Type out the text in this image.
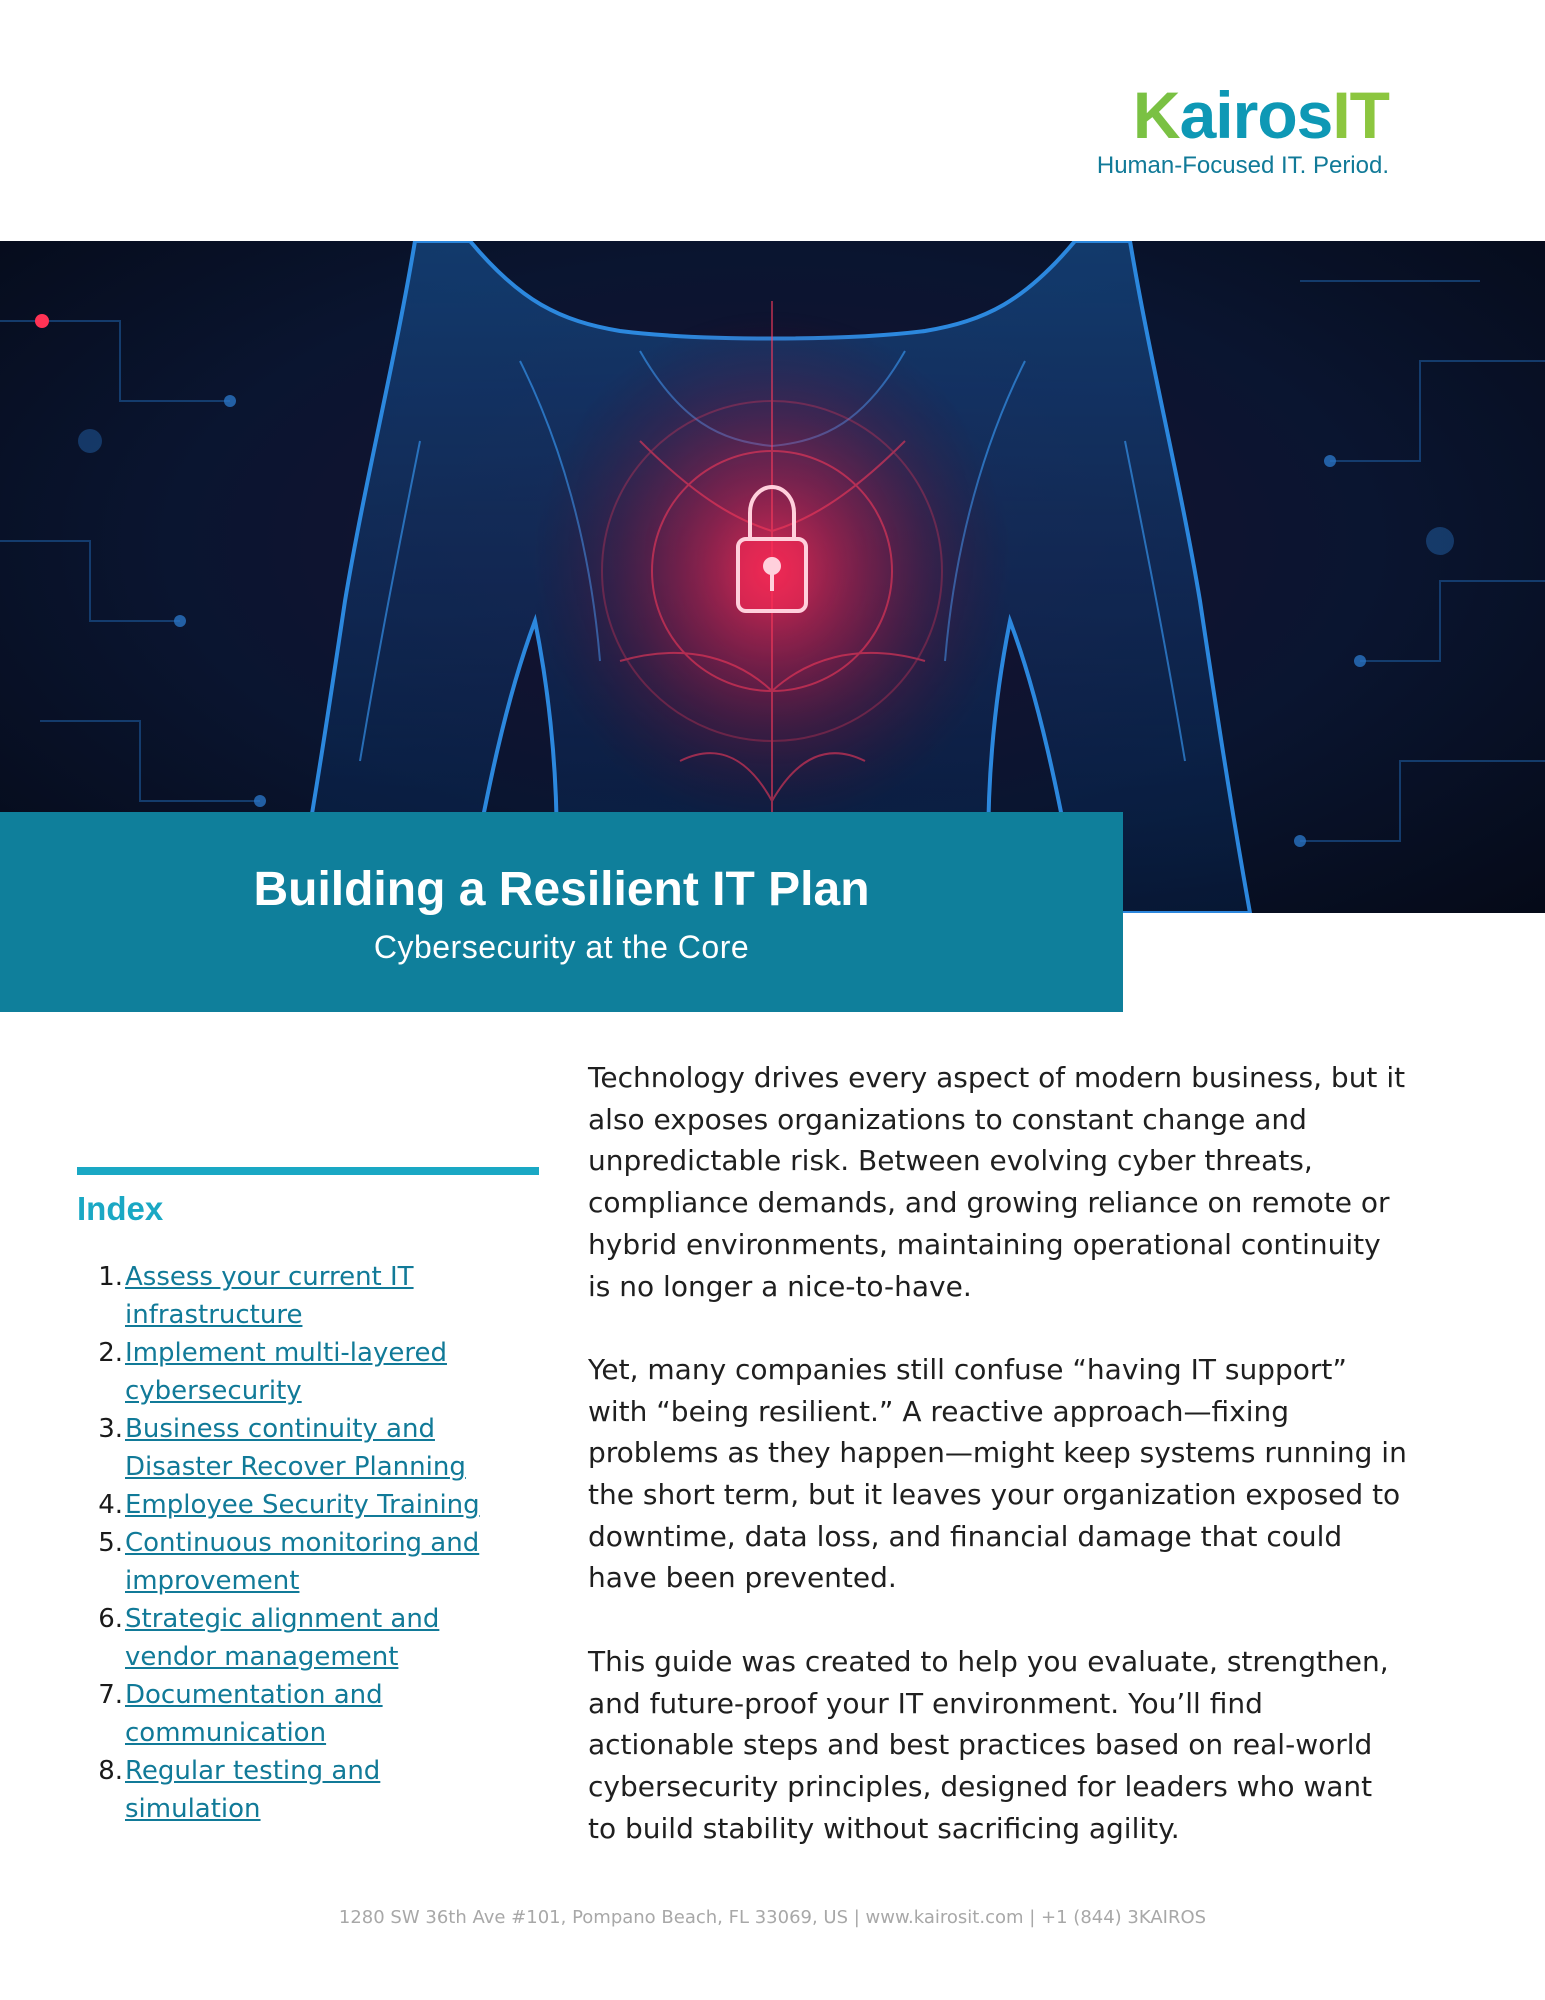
KairosIT
Human-Focused IT. Period.
Building a Resilient IT Plan
Cybersecurity at the Core
Index
1. Assess your current IT infrastructure
2. Implement multi-layered cybersecurity
3. Business continuity and Disaster Recover Planning
4. Employee Security Training
5. Continuous monitoring and improvement
6. Strategic alignment and vendor management
7. Documentation and communication
8. Regular testing and simulation

Technology drives every aspect of modern business, but it also exposes organizations to constant change and unpredictable risk. Between evolving cyber threats, compliance demands, and growing reliance on remote or hybrid environments, maintaining operational continuity is no longer a nice-to-have.

Yet, many companies still confuse “having IT support” with “being resilient.” A reactive approach—fixing problems as they happen—might keep systems running in the short term, but it leaves your organization exposed to downtime, data loss, and financial damage that could have been prevented.

This guide was created to help you evaluate, strengthen, and future-proof your IT environment. You’ll find actionable steps and best practices based on real-world cybersecurity principles, designed for leaders who want to build stability without sacrificing agility.

1280 SW 36th Ave #101, Pompano Beach, FL 33069, US | www.kairosit.com | +1 (844) 3KAIROS
